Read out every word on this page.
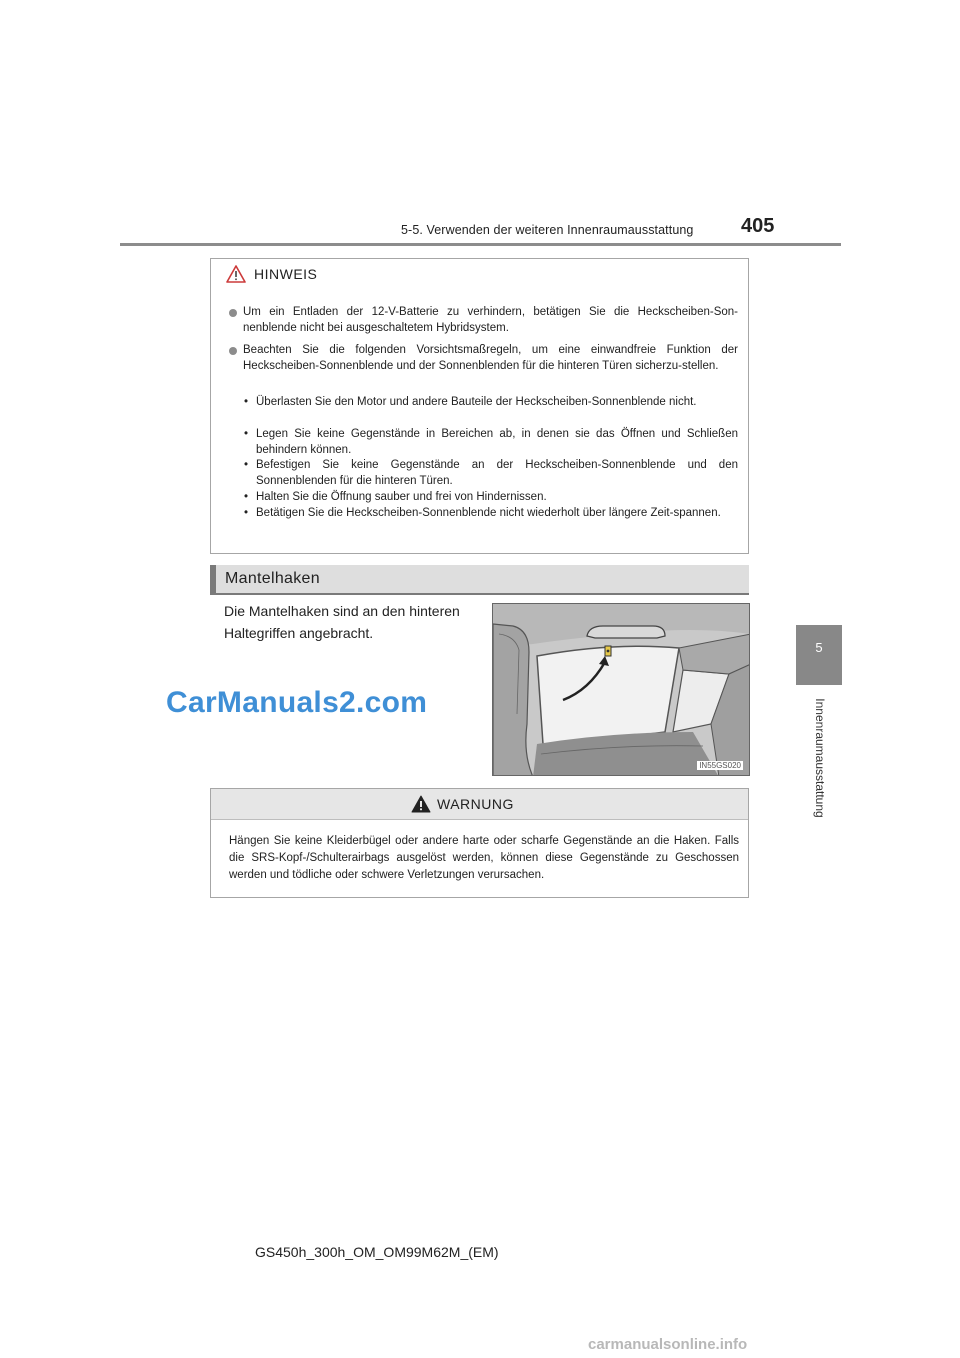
5-5. Verwenden der weiteren Innenraumausstattung 405
5
Innenraumausstattung
HINWEIS
Um ein Entladen der 12-V-Batterie zu verhindern, betätigen Sie die Heckscheiben-Son-nenblende nicht bei ausgeschaltetem Hybridsystem.
Beachten Sie die folgenden Vorsichtsmaßregeln, um eine einwandfreie Funktion der Heckscheiben-Sonnenblende und der Sonnenblenden für die hinteren Türen sicherzu-stellen.
• Überlasten Sie den Motor und andere Bauteile der Heckscheiben-Sonnenblende nicht.
• Legen Sie keine Gegenstände in Bereichen ab, in denen sie das Öffnen und Schließen behindern können.
• Befestigen Sie keine Gegenstände an der Heckscheiben-Sonnenblende und den Sonnenblenden für die hinteren Türen.
• Halten Sie die Öffnung sauber und frei von Hindernissen.
• Betätigen Sie die Heckscheiben-Sonnenblende nicht wiederholt über längere Zeit-spannen.
Mantelhaken
Die Mantelhaken sind an den hinteren Haltegriffen angebracht.
IN55GS020
CarManuals2.com
WARNUNG
Hängen Sie keine Kleiderbügel oder andere harte oder scharfe Gegenstände an die Haken. Falls die SRS-Kopf-/Schulterairbags ausgelöst werden, können diese Gegenstände zu Geschossen werden und tödliche oder schwere Verletzungen verursachen.
GS450h_300h_OM_OM99M62M_(EM)
carmanualsonline.info
